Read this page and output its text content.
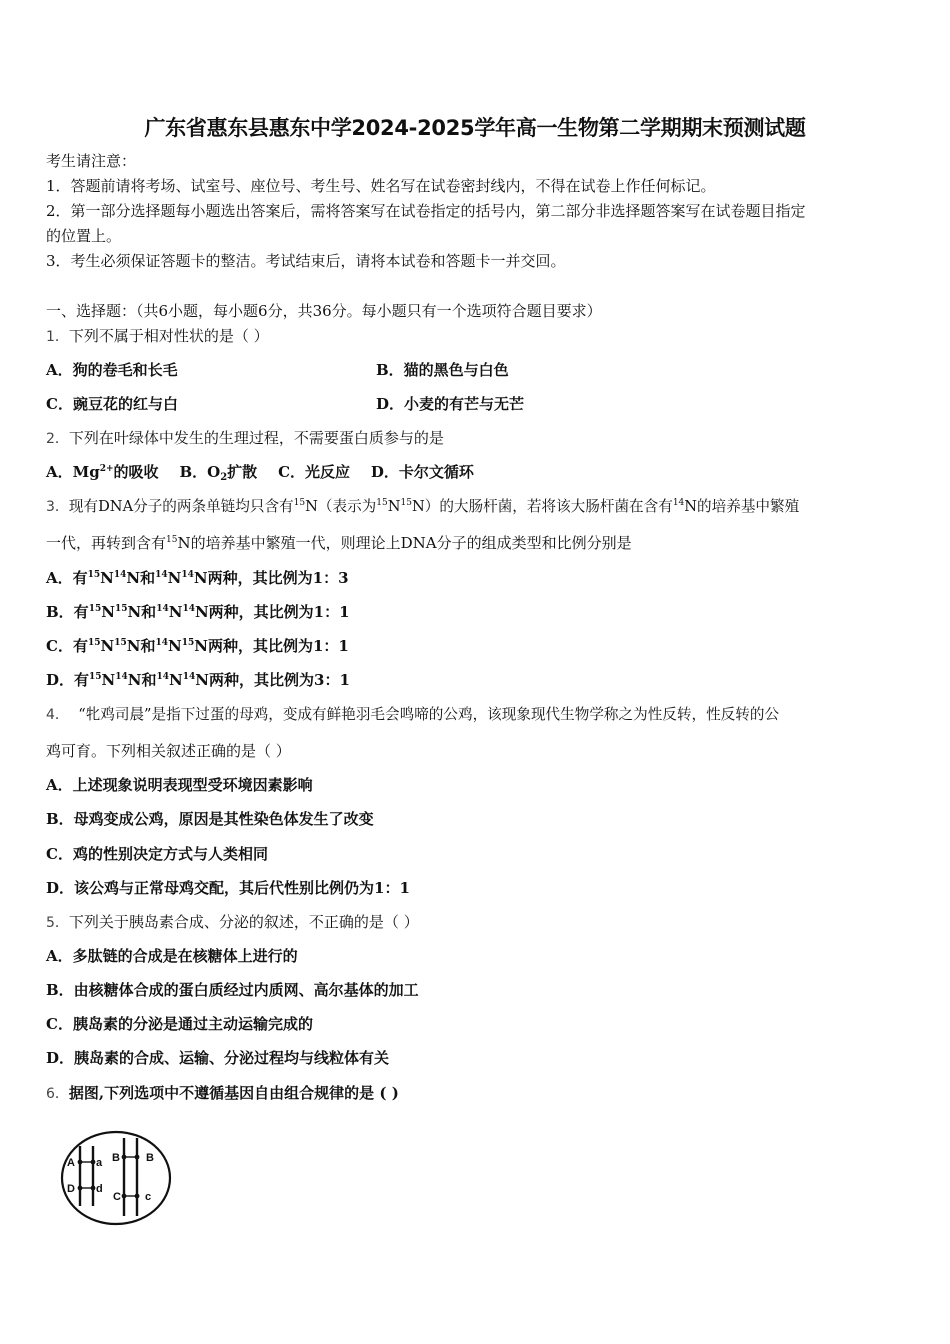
广东省惠东县惠东中学2024-2025学年高一生物第二学期期末预测试题
考生请注意：
1．答题前请将考场、试室号、座位号、考生号、姓名写在试卷密封线内，不得在试卷上作任何标记。
2．第一部分选择题每小题选出答案后，需将答案写在试卷指定的括号内，第二部分非选择题答案写在试卷题目指定
的位置上。
3．考生必须保证答题卡的整洁。考试结束后，请将本试卷和答题卡一并交回。
一、选择题：（共6小题，每小题6分，共36分。每小题只有一个选项符合题目要求）
1．下列不属于相对性状的是（ ）
A．狗的卷毛和长毛	B．猫的黑色与白色
C．豌豆花的红与白	D．小麦的有芒与无芒
2．下列在叶绿体中发生的生理过程，不需要蛋白质参与的是
A．$Mg^{2+}$的吸收 B．$O_2$扩散 C．光反应 D．卡尔文循环
3．现有DNA分子的两条单链均只含有$^{15}$N（表示为$^{15}N^{15}N$）的大肠杆菌，若将该大肠杆菌在含有$^{14}$N的培养基中繁殖
一代，再转到含有$^{15}$N的培养基中繁殖一代，则理论上DNA分子的组成类型和比例分别是
A．有$^{15}N^{14}N$和$^{14}N^{14}N$两种，其比例为1：3
B．有$^{15}N^{15}N$和$^{14}N^{14}N$两种，其比例为1：1
C．有$^{15}N^{15}N$和$^{14}N^{15}N$两种，其比例为1：1
D．有$^{15}N^{14}N$和$^{14}N^{14}N$两种，其比例为3：1
4． “牝鸡司晨”是指下过蛋的母鸡，变成有鲜艳羽毛会鸣啼的公鸡，该现象现代生物学称之为性反转，性反转的公
鸡可育。下列相关叙述正确的是（ ）
A．上述现象说明表现型受环境因素影响
B．母鸡变成公鸡，原因是其性染色体发生了改变
C．鸡的性别决定方式与人类相同
D．该公鸡与正常母鸡交配，其后代性别比例仍为1：1
5．下列关于胰岛素合成、分泌的叙述，不正确的是（ ）
A．多肽链的合成是在核糖体上进行的
B．由核糖体合成的蛋白质经过内质网、高尔基体的加工
C．胰岛素的分泌是通过主动运输完成的
D．胰岛素的合成、运输、分泌过程均与线粒体有关
6．据图,下列选项中不遵循基因自由组合规律的是 ( )
A a
D d
B B
C c
